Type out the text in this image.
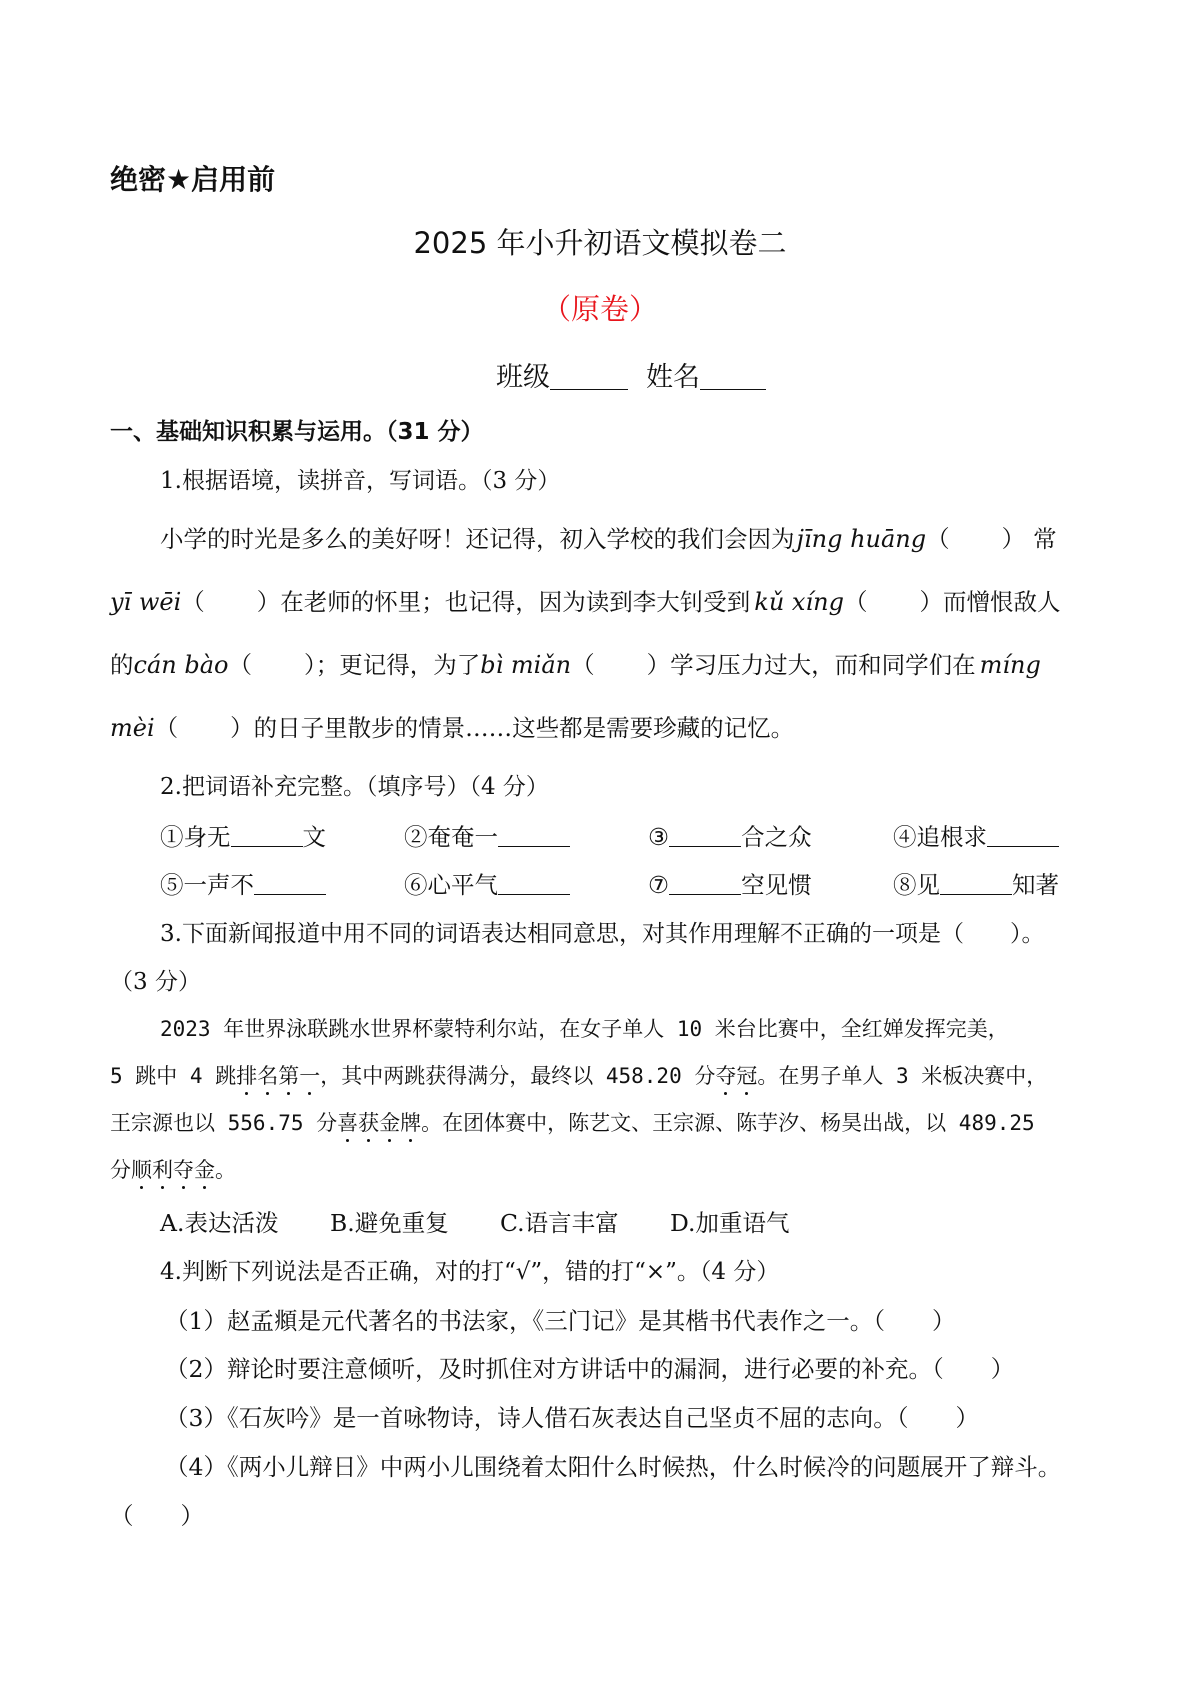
绝密★启用前
2025 年小升初语文模拟卷二
（原卷）
班级	姓名
一、基础知识积累与运用。（31 分）
1.根据语境，读拼音，写词语。（3 分）
小学的时光是多么的美好呀！还记得，初入学校的我们会因为jīng huāng（ ） 常
yī wēi（ ）在老师的怀里；也记得，因为读到李大钊受到 kǔ xíng（ ）而憎恨敌人
的cán bào（ ）；更记得，为了bì miǎn（ ）学习压力过大，而和同学们在 míng
mèi（ ）的日子里散步的情景……这些都是需要珍藏的记忆。
2.把词语补充完整。（填序号）（4 分）
①身无	文	②奄奄一	③	合之众	④追根求
⑤一声不	⑥心平气	⑦	空见惯	⑧见	知著
3.下面新闻报道中用不同的词语表达相同意思，对其作用理解不正确的一项是（　　）。
（3 分）
2023 年世界泳联跳水世界杯蒙特利尔站，在女子单人 10 米台比赛中，全红婵发挥完美，
5 跳中 4 跳排名第一，其中两跳获得满分，最终以 458.20 分夺冠。在男子单人 3 米板决赛中，
王宗源也以 556.75 分喜获金牌。在团体赛中，陈艺文、王宗源、陈芋汐、杨昊出战，以 489.25
分顺利夺金。
A.表达活泼 B.避免重复 C.语言丰富 D.加重语气
4.判断下列说法是否正确，对的打“√”，错的打“×”。（4 分）
（1）赵孟頫是元代著名的书法家，《三门记》是其楷书代表作之一。（　　）
（2）辩论时要注意倾听，及时抓住对方讲话中的漏洞，进行必要的补充。（　　）
（3）《石灰吟》是一首咏物诗，诗人借石灰表达自己坚贞不屈的志向。（　　）
（4）《两小儿辩日》中两小儿围绕着太阳什么时候热，什么时候冷的问题展开了辩斗。
（　　）
